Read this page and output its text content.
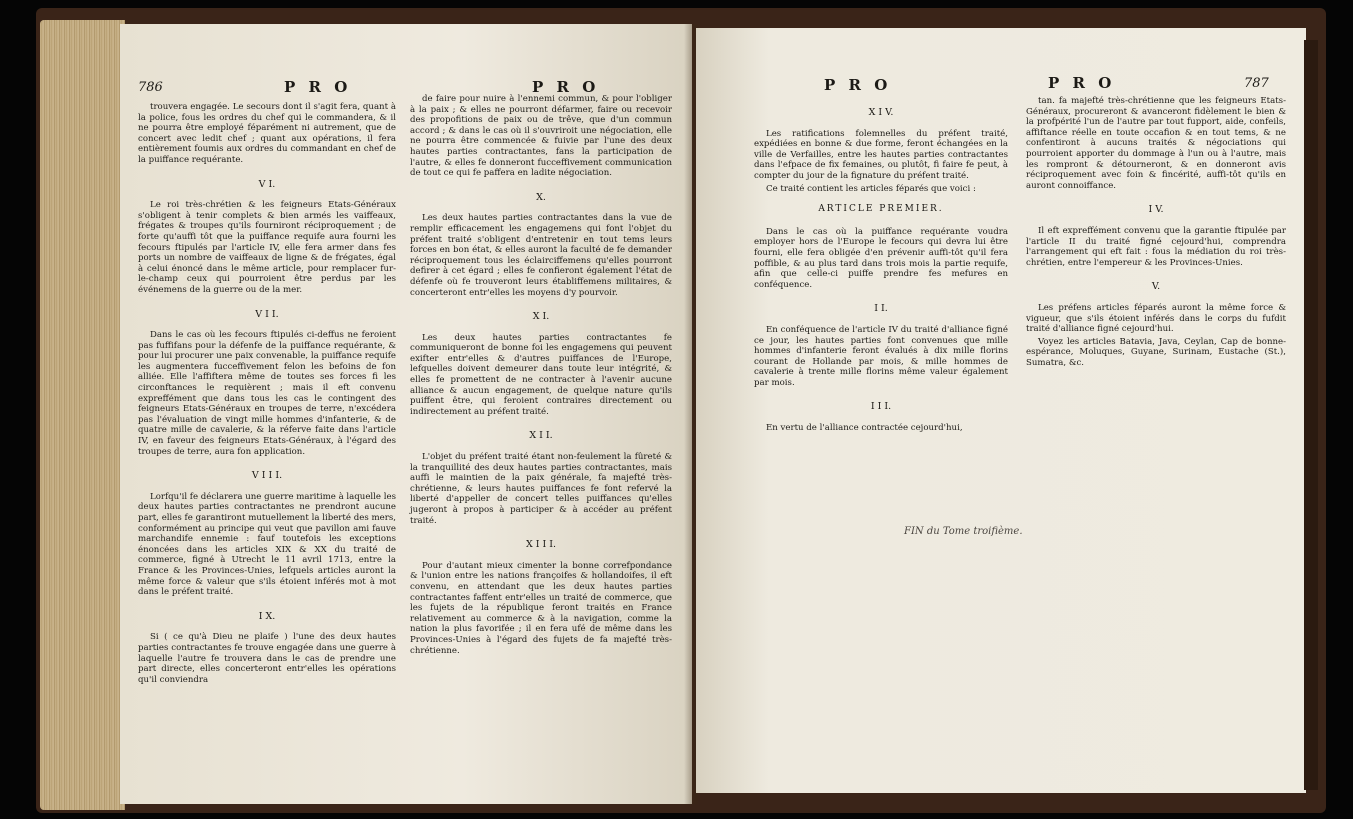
786	P R O	P R O

trouvera engagée. Le secours dont il s'agit fera, quant à la police, fous les ordres du chef qui le commandera, & il ne pourra être employé féparément ni autrement, que de concert avec ledit chef ; quant aux opérations, il fera entièrement foumis aux ordres du commandant en chef de la puiffance requérante.

V I.

Le roi très-chrétien & les feigneurs Etats-Généraux s'obligent à tenir complets & bien armés les vaiffeaux, frégates & troupes qu'ils fourniront réciproquement ; de forte qu'auffi tôt que la puiffance requife aura fourni les fecours ftipulés par l'article IV, elle fera armer dans fes ports un nombre de vaiffeaux de ligne & de frégates, égal à celui énoncé dans le même article, pour remplacer fur-le-champ ceux qui pourroient être perdus par les événemens de la guerre ou de la mer.

V I I.

Dans le cas où les fecours ftipulés ci-deffus ne feroient pas fuffifans pour la défenfe de la puiffance requérante, & pour lui procurer une paix convenable, la puiffance requife les augmentera fucceffivement felon les befoins de fon alliée. Elle l'affiftera même de toutes ses forces fi les circonftances le requièrent ; mais il eft convenu expreffément que dans tous les cas le contingent des feigneurs Etats-Généraux en troupes de terre, n'excédera pas l'évaluation de vingt mille hommes d'infanterie, & de quatre mille de cavalerie, & la réferve faite dans l'article IV, en faveur des feigneurs Etats-Généraux, à l'égard des troupes de terre, aura fon application.

V I I I.

Lorfqu'il fe déclarera une guerre maritime à laquelle les deux hautes parties contractantes ne prendront aucune part, elles fe garantiront mutuellement la liberté des mers, conformément au principe qui veut que pavillon ami fauve marchandife ennemie : fauf toutefois les exceptions énoncées dans les articles XIX & XX du traité de commerce, figné à Utrecht le 11 avril 1713, entre la France & les Provinces-Unies, lefquels articles auront la même force & valeur que s'ils étoient inférés mot à mot dans le préfent traité.

I X.

Si ( ce qu'à Dieu ne plaife ) l'une des deux hautes parties contractantes fe trouve engagée dans une guerre à laquelle l'autre fe trouvera dans le cas de prendre une part directe, elles concerteront entr'elles les opérations qu'il conviendra

de faire pour nuire à l'ennemi commun, & pour l'obliger à la paix ; & elles ne pourront défarmer, faire ou recevoir des propofitions de paix ou de trêve, que d'un commun accord ; & dans le cas où il s'ouvriroit une négociation, elle ne pourra être commencée & fuivie par l'une des deux hautes parties contractantes, fans la participation de l'autre, & elles fe donneront fucceffivement communication de tout ce qui fe paffera en ladite négociation.

X.

Les deux hautes parties contractantes dans la vue de remplir efficacement les engagemens qui font l'objet du préfent traité s'obligent d'entretenir en tout tems leurs forces en bon état, & elles auront la faculté de fe demander réciproquement tous les éclairciffemens qu'elles pourront defirer à cet égard ; elles fe confieront également l'état de défenfe où fe trouveront leurs établiffemens militaires, & concerteront entr'elles les moyens d'y pourvoir.

X I.

Les deux hautes parties contractantes fe communiqueront de bonne foi les engagemens qui peuvent exifter entr'elles & d'autres puiffances de l'Europe, lefquelles doivent demeurer dans toute leur intégrité, & elles fe promettent de ne contracter à l'avenir aucune alliance & aucun engagement, de quelque nature qu'ils puiffent être, qui feroient contraires directement ou indirectement au préfent traité.

X I I.

L'objet du préfent traité étant non-feulement la fûreté & la tranquillité des deux hautes parties contractantes, mais auffi le maintien de la paix générale, fa majefté très-chrétienne, & leurs hautes puiffances fe font refervé la liberté d'appeller de concert telles puiffances qu'elles jugeront à propos à participer & à accéder au préfent traité.

X I I I.

Pour d'autant mieux cimenter la bonne correfpondance & l'union entre les nations françoifes & hollandoifes, il eft convenu, en attendant que les deux hautes parties contractantes faffent entr'elles un traité de commerce, que les fujets de la république feront traités en France relativement au commerce & à la navigation, comme la nation la plus favorifée ; il en fera ufé de même dans les Provinces-Unies à l'égard des fujets de fa majefté très-chrétienne.

P R O	P R O	787
X I V.

Les ratifications folemnelles du préfent traité, expédiées en bonne & due forme, feront échangées en la ville de Verfailles, entre les hautes parties contractantes dans l'efpace de fix femaines, ou plutôt, fi faire fe peut, à compter du jour de la fignature du préfent traité.

Ce traité contient les articles féparés que voici :

ARTICLE PREMIER.

Dans le cas où la puiffance requérante voudra employer hors de l'Europe le fecours qui devra lui être fourni, elle fera obligée d'en prévenir auffi-tôt qu'il fera poffible, & au plus tard dans trois mois la partie requife, afin que celle-ci puiffe prendre fes mefures en conféquence.

I I.

En conféquence de l'article IV du traité d'alliance figné ce jour, les hautes parties font convenues que mille hommes d'infanterie feront évalués à dix mille florins courant de Hollande par mois, & mille hommes de cavalerie à trente mille florins même valeur également par mois.

I I I.

En vertu de l'alliance contractée cejourd'hui,

tan. fa majefté très-chrétienne que les feigneurs Etats-Généraux, procureront & avanceront fidèlement le bien & la profpérité l'un de l'autre par tout fupport, aide, confeils, affiftance réelle en toute occafion & en tout tems, & ne confentiront à aucuns traités & négociations qui pourroient apporter du dommage à l'un ou à l'autre, mais les rompront & détourneront, & en donneront avis réciproquement avec foin & fincérité, auffi-tôt qu'ils en auront connoiffance.

I V.

Il eft expreffément convenu que la garantie ftipulée par l'article II du traité figné cejourd'hui, comprendra l'arrangement qui eft fait : fous la médiation du roi très-chrétien, entre l'empereur & les Provinces-Unies.

V.

Les préfens articles féparés auront la même force & vigueur, que s'ils étoient inférés dans le corps du fufdit traité d'alliance figné cejourd'hui.

Voyez les articles Batavia, Java, Ceylan, Cap de bonne-espérance, Moluques, Guyane, Surinam, Eustache (St.), Sumatra, &c.

FIN du Tome troifième.
